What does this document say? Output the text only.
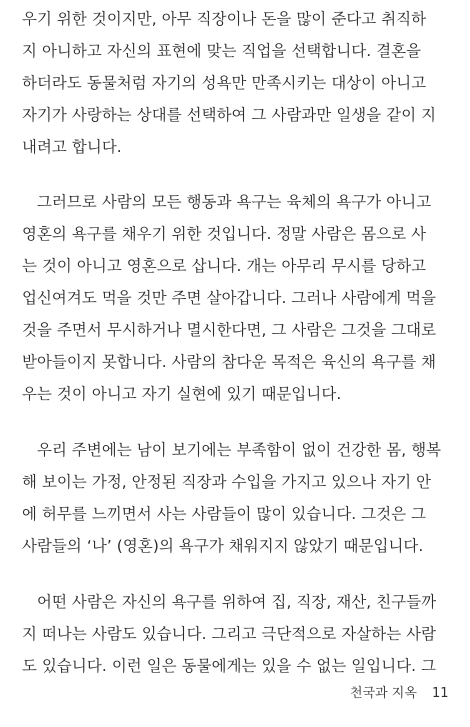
우기 위한 것이지만, 아무 직장이나 돈을 많이 준다고 취직하
지 아니하고 자신의 표현에 맞는 직업을 선택합니다. 결혼을
하더라도 동물처럼 자기의 성욕만 만족시키는 대상이 아니고
자기가 사랑하는 상대를 선택하여 그 사람과만 일생을 같이 지
내려고 합니다.
그러므로 사람의 모든 행동과 욕구는 육체의 욕구가 아니고
영혼의 욕구를 채우기 위한 것입니다. 정말 사람은 몸으로 사
는 것이 아니고 영혼으로 삽니다. 개는 아무리 무시를 당하고
업신여겨도 먹을 것만 주면 살아갑니다. 그러나 사람에게 먹을
것을 주면서 무시하거나 멸시한다면, 그 사람은 그것을 그대로
받아들이지 못합니다. 사람의 참다운 목적은 육신의 욕구를 채
우는 것이 아니고 자기 실현에 있기 때문입니다.
우리 주변에는 남이 보기에는 부족함이 없이 건강한 몸, 행복
해 보이는 가정, 안정된 직장과 수입을 가지고 있으나 자기 안
에 허무를 느끼면서 사는 사람들이 많이 있습니다. 그것은 그
사람들의 ‘나’ (영혼)의 욕구가 채워지지 않았기 때문입니다.
어떤 사람은 자신의 욕구를 위하여 집, 직장, 재산, 친구들까
지 떠나는 사람도 있습니다. 그리고 극단적으로 자살하는 사람
도 있습니다. 이런 일은 동물에게는 있을 수 없는 일입니다. 그
천국과 지옥 11
